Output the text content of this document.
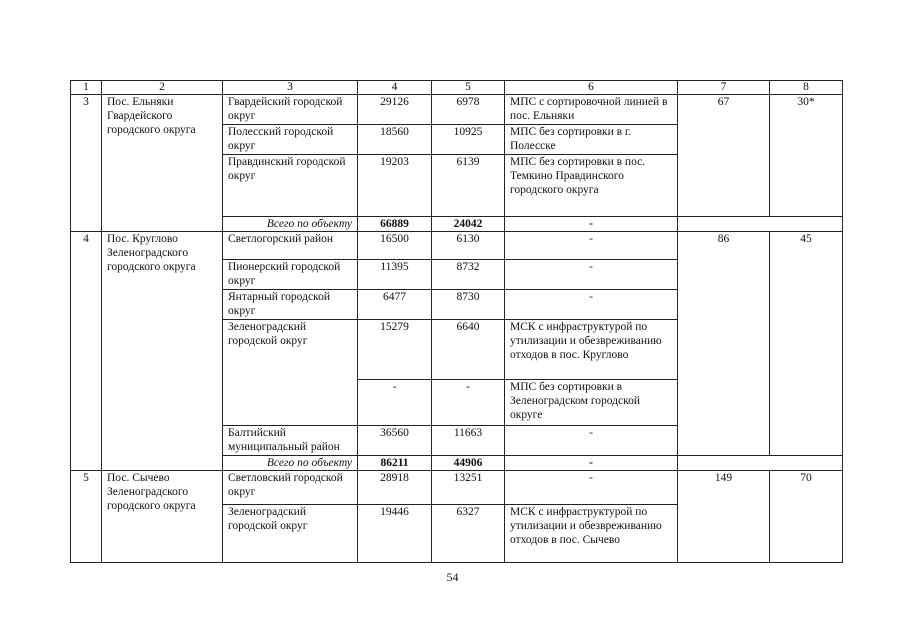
1	2	3	4	5	6	7	8
3	Пос. Ельняки Гвардейского городского округа	Гвардейский городской округ	29126	6978	МПС с сортировочной линией в пос. Ельняки	67	30*
		Полесский городской округ	18560	10925	МПС без сортировки в г. Полесске		
		Правдинский городской округ	19203	6139	МПС без сортировки в пос. Темкино Правдинского городского округа		
		Всего по объекту	66889	24042	-		
4	Пос. Круглово Зеленоградского городского округа	Светлогорский район	16500	6130	-	86	45
		Пионерский городской округ	11395	8732	-		
		Янтарный городской округ	6477	8730	-		
		Зеленоградский городской округ	15279	6640	МСК с инфраструктурой по утилизации и обезвреживанию отходов в пос. Круглово		
			-	-	МПС без сортировки в Зеленоградском городской округе		
		Балтийский муниципальный район	36560	11663	-		
		Всего по объекту	86211	44906	-		
5	Пос. Сычево Зеленоградского городского округа	Светловский городской округ	28918	13251	-	149	70
		Зеленоградский городской округ	19446	6327	МСК с инфраструктурой по утилизации и обезвреживанию отходов в пос. Сычево		
54
